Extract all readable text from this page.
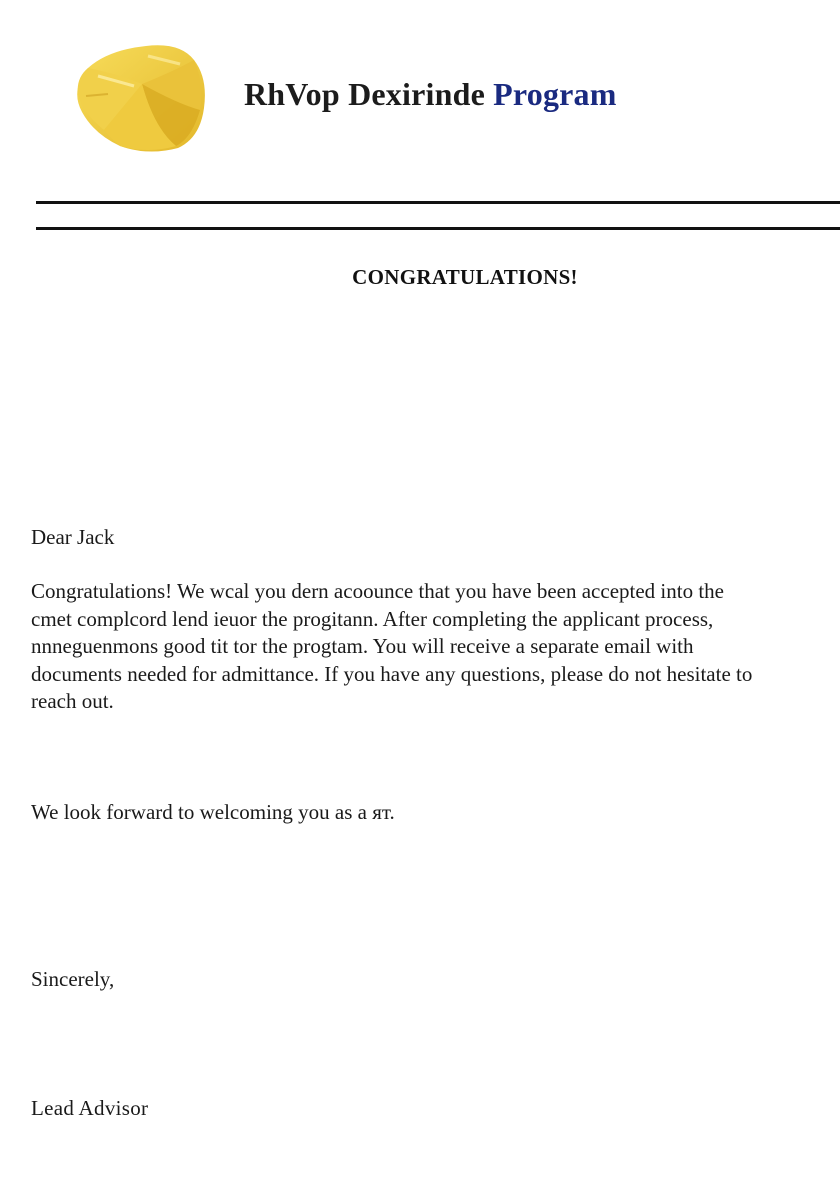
RhVop Dexirinde Program
CONGRATULATIONS!
Dear Jack

Congratulations! We wcal you dern acoounce that you have been accepted into the
cmet complcord lend ieuor the progitann. After completing the applicant process,
nnneguenmons good tit tor the progtam. You will receive a separate email with
documents needed for admittance. If you have any questions, please do not hesitate to
reach out.

We look forward to welcoming you as a ят.
Sincerely,
Lead Advisor
